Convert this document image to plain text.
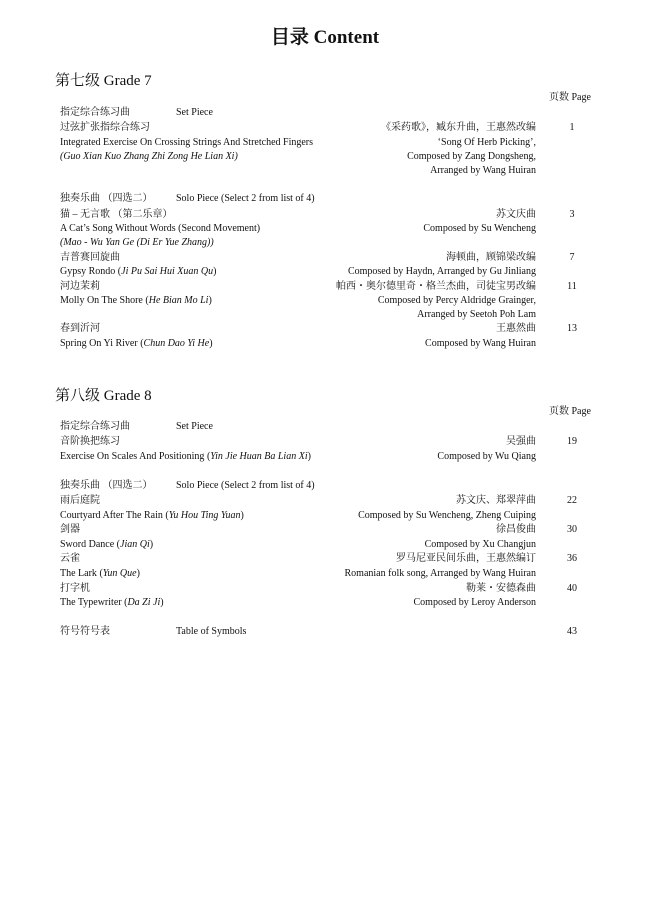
目录 Content
第七级 Grade 7
页数 Page
指定综合练习曲	Set Piece
过弦扩张指综合练习	《采药歌》，臧东升曲，王惠然改编	1
Integrated Exercise On Crossing Strings And Stretched Fingers	‘Song Of Herb Picking’,
(Guo Xian Kuo Zhang Zhi Zong He Lian Xi)	Composed by Zang Dongsheng,
Arranged by Wang Huiran
独奏乐曲 （四选二） Solo Piece (Select 2 from list of 4)
猫 – 无言歌 （第二乐章）	苏文庆曲	3
A Cat’s Song Without Words (Second Movement)	Composed by Su Wencheng
(Mao - Wu Yan Ge (Di Er Yue Zhang))
吉普赛回旋曲	海顿曲，顾锦梁改编	7
Gypsy Rondo (Ji Pu Sai Hui Xuan Qu)	Composed by Haydn, Arranged by Gu Jinliang
河边茉莉	帕西・奥尔德里奇・格兰杰曲，司徒宝男改编	11
Molly On The Shore (He Bian Mo Li)	Composed by Percy Aldridge Grainger,
Arranged by Seetoh Poh Lam
春到沂河	王惠然曲	13
Spring On Yi River (Chun Dao Yi He)	Composed by Wang Huiran
第八级 Grade 8
页数 Page
指定综合练习曲	Set Piece
音阶换把练习	吴强曲	19
Exercise On Scales And Positioning (Yin Jie Huan Ba Lian Xi)	Composed by Wu Qiang
独奏乐曲 （四选二） Solo Piece (Select 2 from list of 4)
雨后庭院	苏文庆、郑翠萍曲	22
Courtyard After The Rain (Yu Hou Ting Yuan)	Composed by Su Wencheng, Zheng Cuiping
剑器	徐昌俊曲	30
Sword Dance (Jian Qi)	Composed by Xu Changjun
云雀	罗马尼亚民间乐曲，王惠然编订	36
The Lark (Yun Que)	Romanian folk song, Arranged by Wang Huiran
打字机	勒莱・安德森曲	40
The Typewriter (Da Zi Ji)	Composed by Leroy Anderson
符号符号表	Table of Symbols	43
